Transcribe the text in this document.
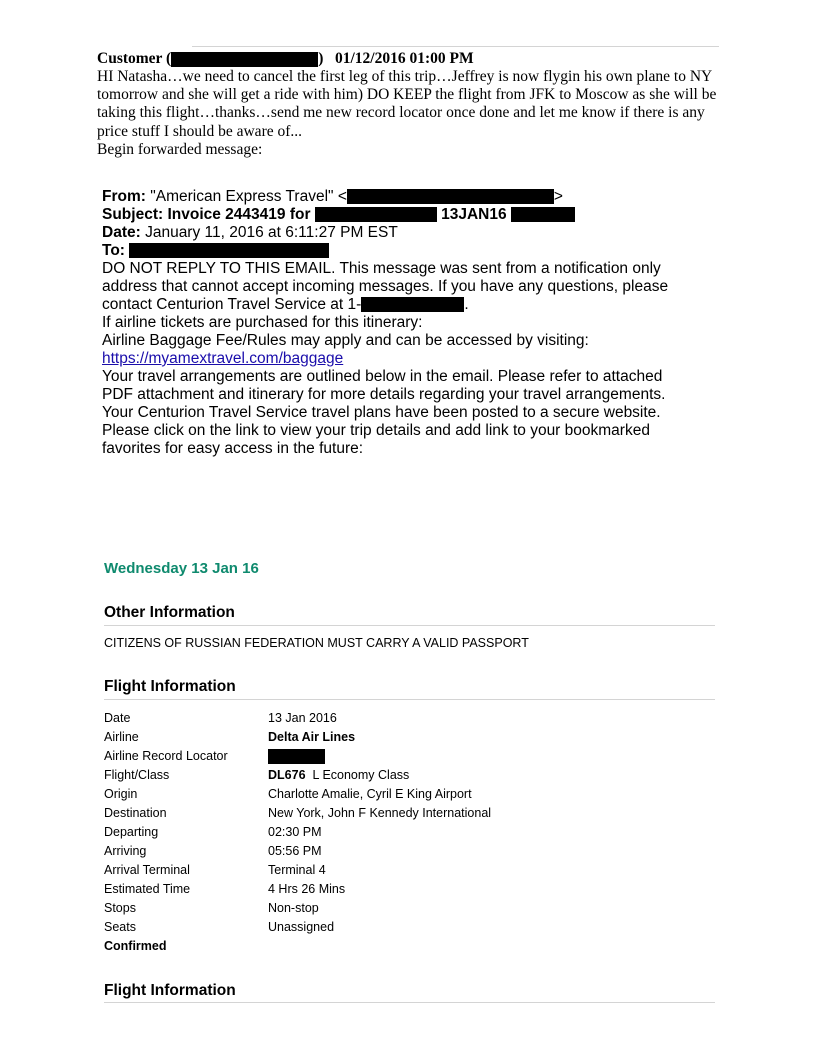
Customer (	) 01/12/2016 01:00 PM
HI Natasha…we need to cancel the first leg of this trip…Jeffrey is now flygin his own plane to NY tomorrow and she will get a ride with him) DO KEEP the flight from JFK to Moscow as she will be taking this flight…thanks…send me new record locator once done and let me know if there is any price stuff I should be aware of...
Begin forwarded message:
From: "American Express Travel" <	>
Subject: Invoice 2443419 for	13JAN16
Date: January 11, 2016 at 6:11:27 PM EST
To:
DO NOT REPLY TO THIS EMAIL. This message was sent from a notification only
address that cannot accept incoming messages. If you have any questions, please
contact Centurion Travel Service at 1-	.
If airline tickets are purchased for this itinerary:
Airline Baggage Fee/Rules may apply and can be accessed by visiting:
https://myamextravel.com/baggage
Your travel arrangements are outlined below in the email. Please refer to attached
PDF attachment and itinerary for more details regarding your travel arrangements.
Your Centurion Travel Service travel plans have been posted to a secure website.
Please click on the link to view your trip details and add link to your bookmarked
favorites for easy access in the future:
Wednesday 13 Jan 16
Other Information
CITIZENS OF RUSSIAN FEDERATION MUST CARRY A VALID PASSPORT
Flight Information
Date	13 Jan 2016
Airline	Delta Air Lines
Airline Record Locator
Flight/Class	DL676 L Economy Class
Origin	Charlotte Amalie, Cyril E King Airport
Destination	New York, John F Kennedy International
Departing	02:30 PM
Arriving	05:56 PM
Arrival Terminal	Terminal 4
Estimated Time	4 Hrs 26 Mins
Stops	Non-stop
Seats	Unassigned
Confirmed
Flight Information
